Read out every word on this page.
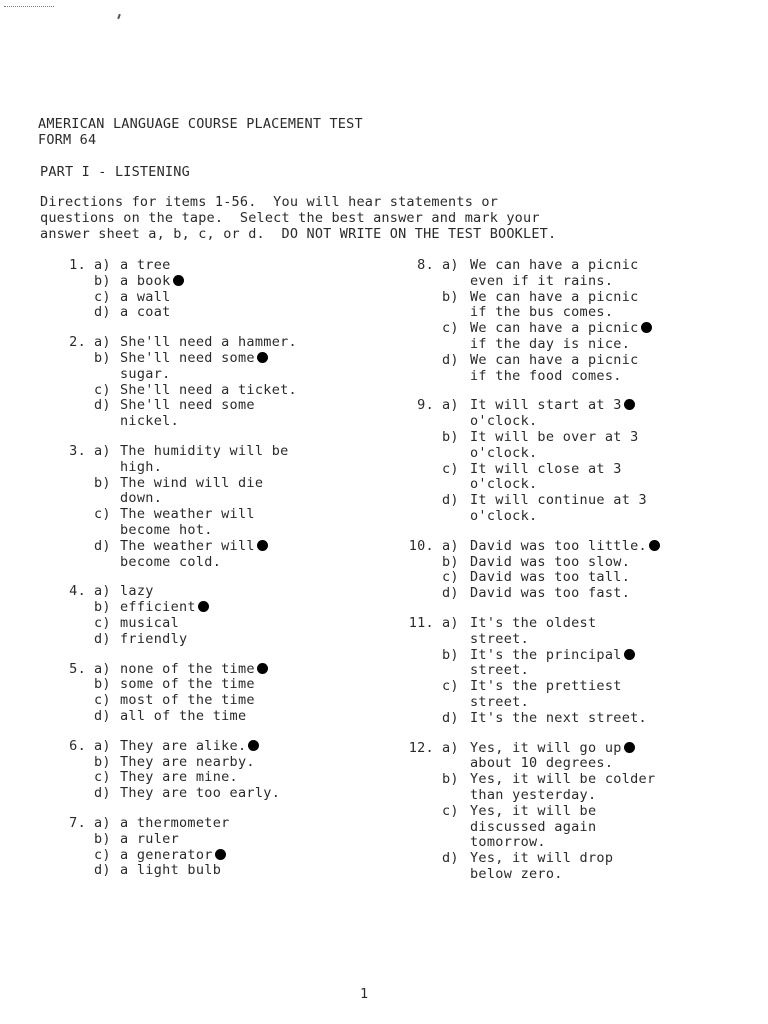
AMERICAN LANGUAGE COURSE PLACEMENT TEST
FORM 64
PART I - LISTENING
Directions for items 1-56.  You will hear statements or
questions on the tape.  Select the best answer and mark your
answer sheet a, b, c, or d.  DO NOT WRITE ON THE TEST BOOKLET.
1. a) a tree
b) a book
c) a wall
d) a coat
2. a) She'll need a hammer.
b) She'll need some
sugar.
c) She'll need a ticket.
d) She'll need some
nickel.
3. a) The humidity will be
high.
b) The wind will die
down.
c) The weather will
become hot.
d) The weather will
become cold.
4. a) lazy
b) efficient
c) musical
d) friendly
5. a) none of the time
b) some of the time
c) most of the time
d) all of the time
6. a) They are alike.
b) They are nearby.
c) They are mine.
d) They are too early.
7. a) a thermometer
b) a ruler
c) a generator
d) a light bulb
8. a) We can have a picnic
even if it rains.
b) We can have a picnic
if the bus comes.
c) We can have a picnic
if the day is nice.
d) We can have a picnic
if the food comes.
9. a) It will start at 3
o'clock.
b) It will be over at 3
o'clock.
c) It will close at 3
o'clock.
d) It will continue at 3
o'clock.
10. a) David was too little.
b) David was too slow.
c) David was too tall.
d) David was too fast.
11. a) It's the oldest
street.
b) It's the principal
street.
c) It's the prettiest
street.
d) It's the next street.
12. a) Yes, it will go up
about 10 degrees.
b) Yes, it will be colder
than yesterday.
c) Yes, it will be
discussed again
tomorrow.
d) Yes, it will drop
below zero.
1
